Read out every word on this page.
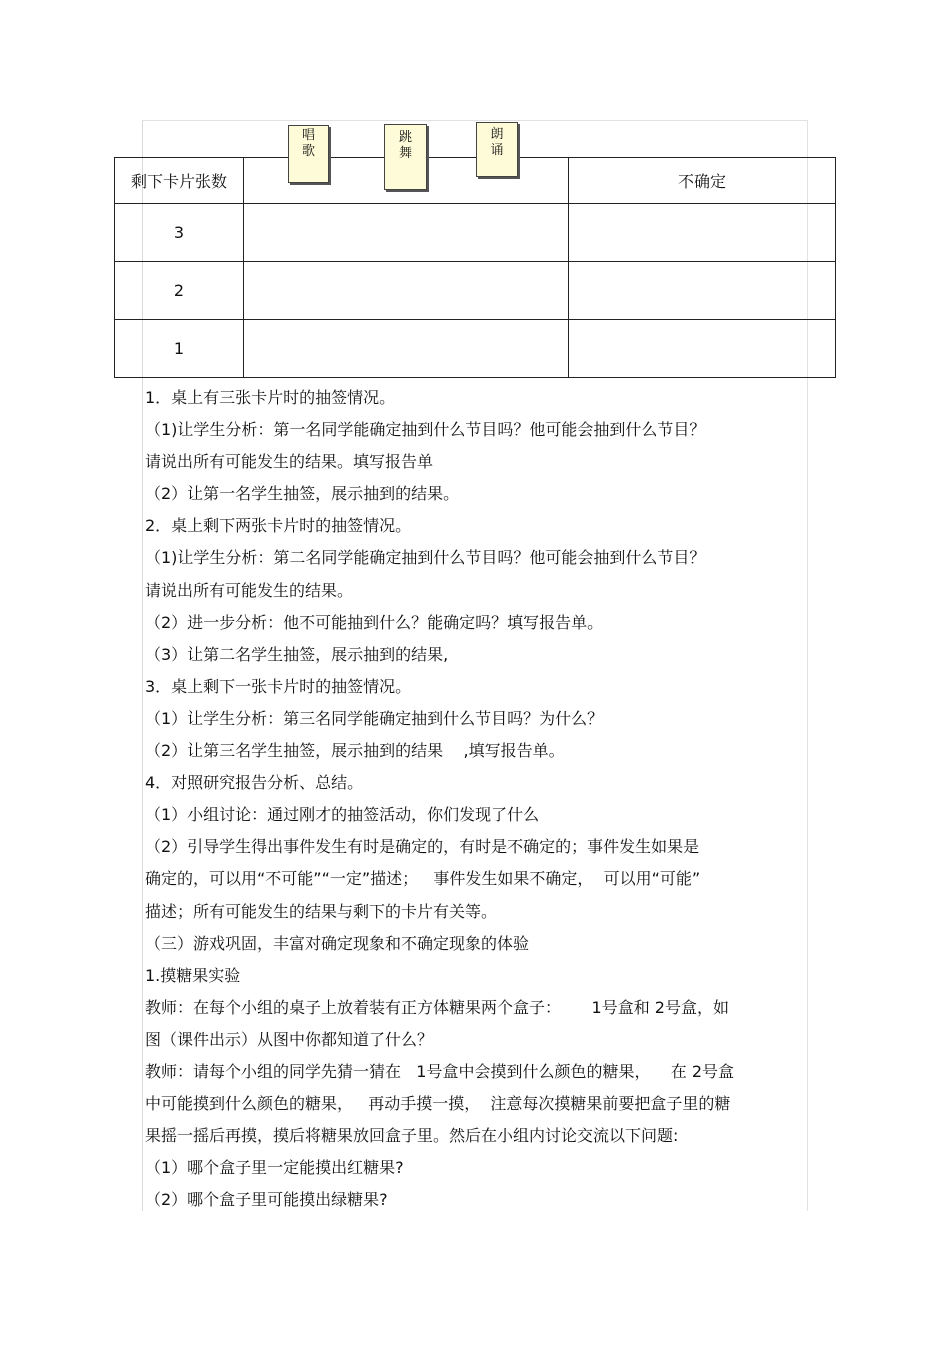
剩下卡片张数		不确定
3		
2		
1		
唱
歌
跳
舞
朗
诵
1．桌上有三张卡片时的抽签情况。
（1)让学生分析：第一名同学能确定抽到什么节目吗？他可能会抽到什么节目？
请说出所有可能发生的结果。填写报告单
（2）让第一名学生抽签，展示抽到的结果。
2．桌上剩下两张卡片时的抽签情况。
（1)让学生分析：第二名同学能确定抽到什么节目吗？他可能会抽到什么节目？
请说出所有可能发生的结果。
（2）进一步分析：他不可能抽到什么？能确定吗？填写报告单。
（3）让第二名学生抽签，展示抽到的结果,
3．桌上剩下一张卡片时的抽签情况。
（1）让学生分析：第三名同学能确定抽到什么节目吗？为什么？
（2）让第三名学生抽签，展示抽到的结果    ,填写报告单。
4．对照研究报告分析、总结。
（1）小组讨论：通过刚才的抽签活动，你们发现了什么
（2）引导学生得出事件发生有时是确定的，有时是不确定的；事件发生如果是
确定的，可以用“不可能”“一定”描述；   事件发生如果不确定，  可以用“可能”
描述；所有可能发生的结果与剩下的卡片有关等。
（三）游戏巩固，丰富对确定现象和不确定现象的体验
1.摸糖果实验
教师：在每个小组的桌子上放着装有正方体糖果两个盒子：      1号盒和 2号盒，如
图（课件出示）从图中你都知道了什么？
教师：请每个小组的同学先猜一猜在   1号盒中会摸到什么颜色的糖果，    在 2号盒
中可能摸到什么颜色的糖果，   再动手摸一摸，  注意每次摸糖果前要把盒子里的糖
果摇一摇后再摸，摸后将糖果放回盒子里。然后在小组内讨论交流以下问题:
（1）哪个盒子里一定能摸出红糖果?
（2）哪个盒子里可能摸出绿糖果?
